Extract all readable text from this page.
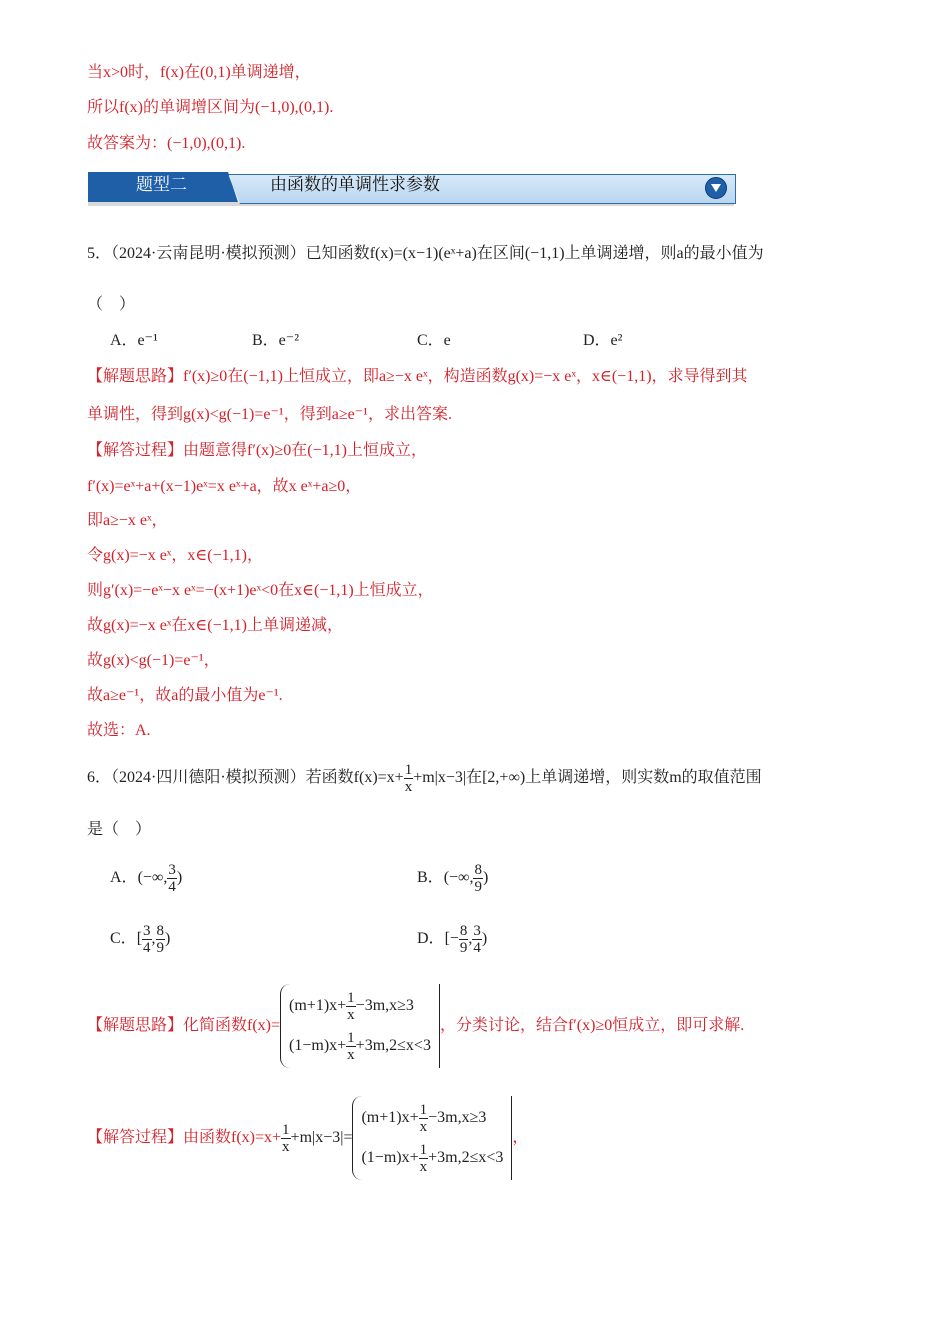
当x>0时，f(x)在(0,1)单调递增，
所以f(x)的单调增区间为(−1,0),(0,1).
故答案为：(−1,0),(0,1).
题型二	由函数的单调性求参数
5．（2024·云南昆明·模拟预测）已知函数f(x)=(x−1)(eˣ+a)在区间(−1,1)上单调递增，则a的最小值为
（　）
A．e⁻¹	B．e⁻²	C．e	D．e²
【解题思路】f′(x)≥0在(−1,1)上恒成立，即a≥−x eˣ，构造函数g(x)=−x eˣ，x∈(−1,1)，求导得到其
单调性，得到g(x)<g(−1)=e⁻¹，得到a≥e⁻¹，求出答案.
【解答过程】由题意得f′(x)≥0在(−1,1)上恒成立，
f′(x)=eˣ+a+(x−1)eˣ=x eˣ+a，故x eˣ+a≥0，
即a≥−x eˣ，
令g(x)=−x eˣ，x∈(−1,1)，
则g′(x)=−eˣ−x eˣ=−(x+1)eˣ<0在x∈(−1,1)上恒成立，
故g(x)=−x eˣ在x∈(−1,1)上单调递减，
故g(x)<g(−1)=e⁻¹，
故a≥e⁻¹，故a的最小值为e⁻¹.
故选：A.
6．（2024·四川德阳·模拟预测）若函数$f(x)=x+ \frac{1}{x} +m|x-3|$在[2,+∞)上单调递增，则实数m的取值范围
是（　）
A．(−∞, $\frac{3}{4}$ )	B．(−∞, $\frac{8}{9}$ )
C．[ $\frac{3}{4}$ , $\frac{8}{9}$ )	D．[− $\frac{8}{9}$ , $\frac{3}{4}$ )
【解题思路】化简函数f(x)=
$(m+1)x+ \frac{1}{x} -3m,x\ge 3$
$(1-m)x+ \frac{1}{x} +3m,2\le x<3$
，分类讨论，结合f′(x)≥0恒成立，即可求解.
【解答过程】由函数$f(x)=x+ \frac{1}{x} +m|x-3|=$
$(m+1)x+ \frac{1}{x} -3m,x\ge 3$
$(1-m)x+ \frac{1}{x} +3m,2\le x<3$
，
